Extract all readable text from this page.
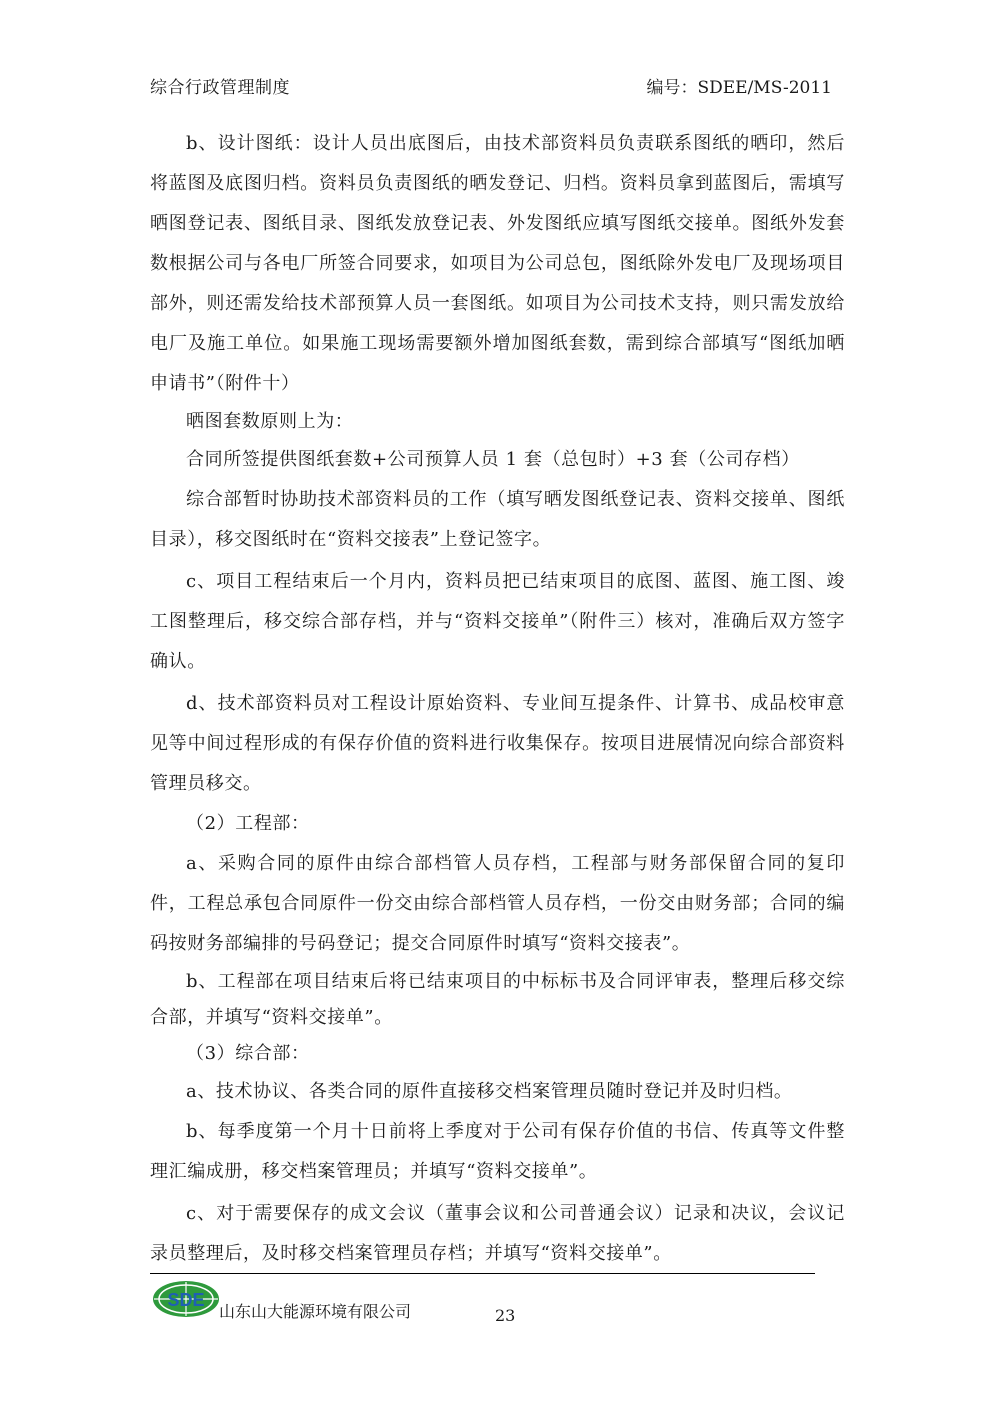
综合行政管理制度	编号：SDEE/MS-2011

b、设计图纸：设计人员出底图后，由技术部资料员负责联系图纸的晒印，然后将蓝图及底图归档。资料员负责图纸的晒发登记、归档。资料员拿到蓝图后，需填写晒图登记表、图纸目录、图纸发放登记表、外发图纸应填写图纸交接单。图纸外发套数根据公司与各电厂所签合同要求，如项目为公司总包，图纸除外发电厂及现场项目部外，则还需发给技术部预算人员一套图纸。如项目为公司技术支持，则只需发放给电厂及施工单位。如果施工现场需要额外增加图纸套数，需到综合部填写“图纸加晒申请书”（附件十）

晒图套数原则上为：

合同所签提供图纸套数+公司预算人员 1 套（总包时）+3 套（公司存档）

综合部暂时协助技术部资料员的工作（填写晒发图纸登记表、资料交接单、图纸目录），移交图纸时在“资料交接表”上登记签字。

c、项目工程结束后一个月内，资料员把已结束项目的底图、蓝图、施工图、竣工图整理后，移交综合部存档，并与“资料交接单”（附件三）核对，准确后双方签字确认。

d、技术部资料员对工程设计原始资料、专业间互提条件、计算书、成品校审意见等中间过程形成的有保存价值的资料进行收集保存。按项目进展情况向综合部资料管理员移交。

（2）工程部：

a、采购合同的原件由综合部档管人员存档，工程部与财务部保留合同的复印件，工程总承包合同原件一份交由综合部档管人员存档，一份交由财务部；合同的编码按财务部编排的号码登记；提交合同原件时填写“资料交接表”。

b、工程部在项目结束后将已结束项目的中标标书及合同评审表，整理后移交综合部，并填写“资料交接单”。

（3）综合部：

a、技术协议、各类合同的原件直接移交档案管理员随时登记并及时归档。

b、每季度第一个月十日前将上季度对于公司有保存价值的书信、传真等文件整理汇编成册，移交档案管理员；并填写“资料交接单”。

c、对于需要保存的成文会议（董事会议和公司普通会议）记录和决议，会议记录员整理后，及时移交档案管理员存档；并填写“资料交接单”。

SDE
山东山大能源环境有限公司	23
